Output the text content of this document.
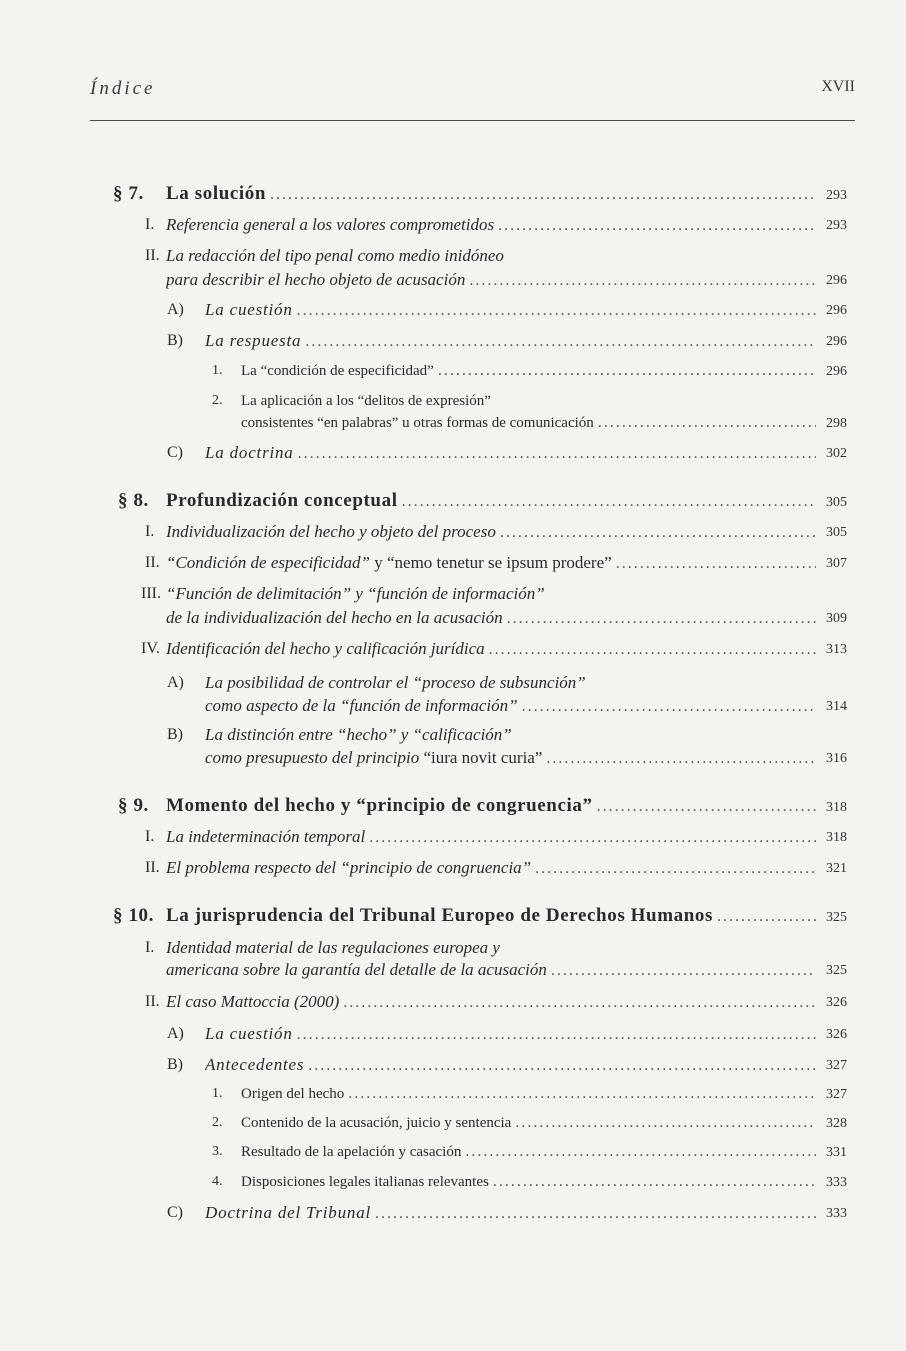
Índice	XVII
§ 7. La solución .....	293
I. Referencia general a los valores comprometidos .....	293
II. La redacción del tipo penal como medio inidóneo
para describir el hecho objeto de acusación .....	296
A) La cuestión .....	296
B) La respuesta .....	296
1. La “condición de especificidad” .....	296
2. La aplicación a los “delitos de expresión”
consistentes “en palabras” u otras formas de comunicación .....	298
C) La doctrina .....	302
§ 8. Profundización conceptual .....	305
I. Individualización del hecho y objeto del proceso .....	305
II. “Condición de especificidad” y “nemo tenetur se ipsum prodere” .....	307
III. “Función de delimitación” y “función de información”
de la individualización del hecho en la acusación .....	309
IV. Identificación del hecho y calificación jurídica .....	313
A) La posibilidad de controlar el “proceso de subsunción”
como aspecto de la “función de información” .....	314
B) La distinción entre “hecho” y “calificación”
como presupuesto del principio “iura novit curia” .....	316
§ 9. Momento del hecho y “principio de congruencia” .....	318
I. La indeterminación temporal .....	318
II. El problema respecto del “principio de congruencia” .....	321
§ 10. La jurisprudencia del Tribunal Europeo de Derechos Humanos .....	325
I. Identidad material de las regulaciones europea y
americana sobre la garantía del detalle de la acusación .....	325
II. El caso Mattoccia (2000) .....	326
A) La cuestión .....	326
B) Antecedentes .....	327
1. Origen del hecho .....	327
2. Contenido de la acusación, juicio y sentencia .....	328
3. Resultado de la apelación y casación .....	331
4. Disposiciones legales italianas relevantes .....	333
C) Doctrina del Tribunal .....	333
